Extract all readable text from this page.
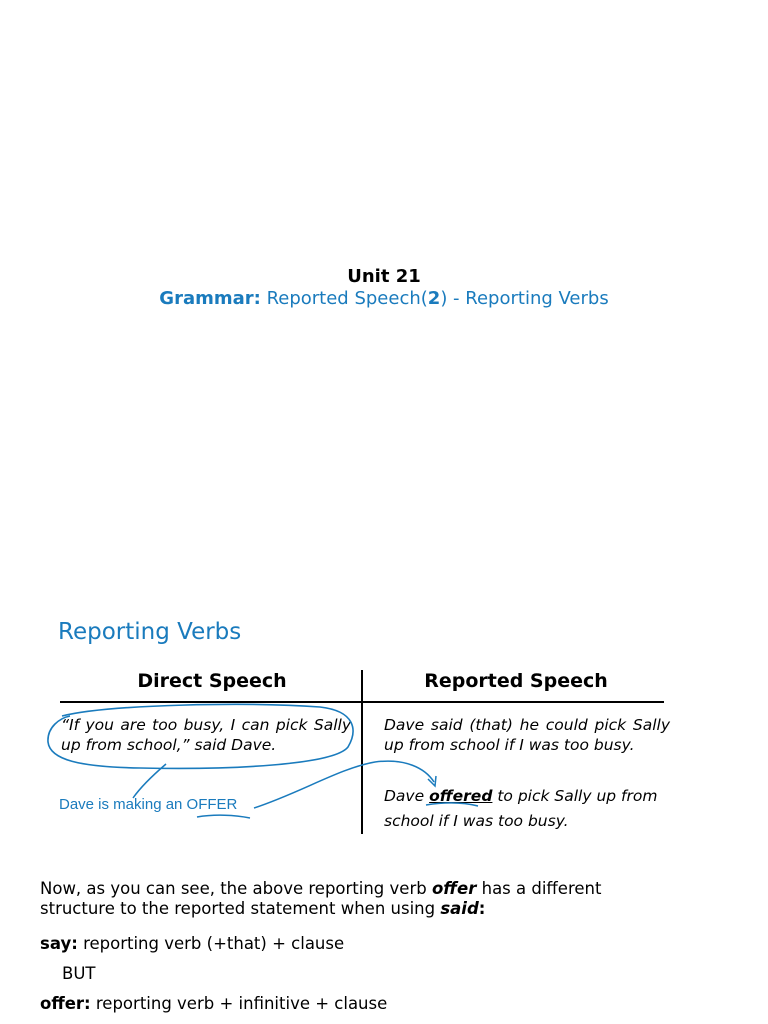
Unit 21
Grammar: Reported Speech(2) - Reporting Verbs
Reporting Verbs
Direct Speech	Reported Speech
“If you are too busy, I can pick Sally up from school,” said Dave.
Dave said (that) he could pick Sally up from school if I was too busy.
Dave offered to pick Sally up from school if I was too busy.
Dave is making an OFFER
Now, as you can see, the above reporting verb offer has a different structure to the reported statement when using said:
say: reporting verb (+that) + clause
BUT
offer: reporting verb + infinitive + clause
